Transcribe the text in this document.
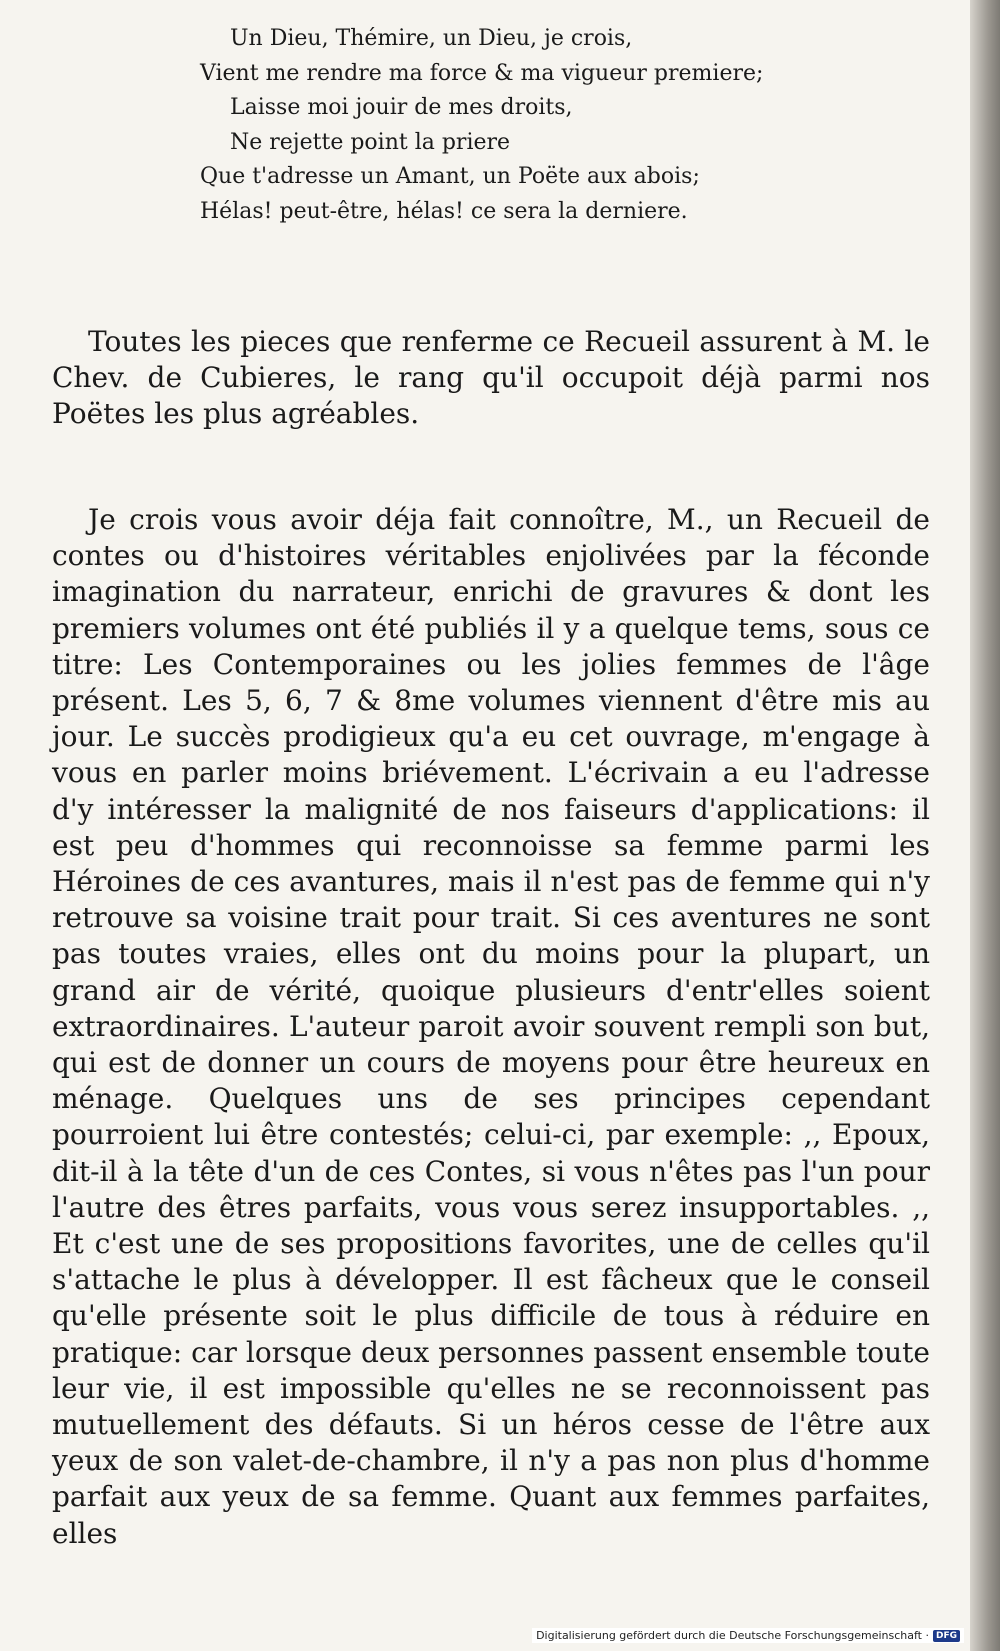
Un Dieu, Thémire, un Dieu, je crois,
Vient me rendre ma force & ma vigueur premiere;
Laisse moi jouir de mes droits,
Ne rejette point la priere
Que t'adresse un Amant, un Poëte aux abois;
Hélas! peut-être, hélas! ce sera la derniere.

Toutes les pieces que renferme ce Recueil assurent à M. le Chev. de Cubieres, le rang qu'il occupoit déjà parmi nos Poëtes les plus agréables.

Je crois vous avoir déja fait connoître, M., un Recueil de contes ou d'histoires véritables enjolivées par la féconde imagination du narrateur, enrichi de gravures & dont les premiers volumes ont été publiés il y a quelque tems, sous ce titre: Les Contemporaines ou les jolies femmes de l'âge présent. Les 5, 6, 7 & 8me volumes viennent d'être mis au jour. Le succès prodigieux qu'a eu cet ouvrage, m'engage à vous en parler moins briévement. L'écrivain a eu l'adresse d'y intéresser la malignité de nos faiseurs d'applications: il est peu d'hommes qui reconnoisse sa femme parmi les Héroines de ces avantures, mais il n'est pas de femme qui n'y retrouve sa voisine trait pour trait. Si ces aventures ne sont pas toutes vraies, elles ont du moins pour la plupart, un grand air de vérité, quoique plusieurs d'entr'elles soient extraordinaires. L'auteur paroit avoir souvent rempli son but, qui est de donner un cours de moyens pour être heureux en ménage. Quelques uns de ses principes cependant pourroient lui être contestés; celui-ci, par exemple: ,, Epoux, dit-il à la tête d'un de ces Contes, si vous n'êtes pas l'un pour l'autre des êtres parfaits, vous vous serez insupportables. ,, Et c'est une de ses propositions favorites, une de celles qu'il s'attache le plus à développer. Il est fâcheux que le conseil qu'elle présente soit le plus difficile de tous à réduire en pratique: car lorsque deux personnes passent ensemble toute leur vie, il est impossible qu'elles ne se reconnoissent pas mutuellement des défauts. Si un héros cesse de l'être aux yeux de son valet-de-chambre, il n'y a pas non plus d'homme parfait aux yeux de sa femme. Quant aux femmes parfaites, elles

Digitalisierung gefördert durch die Deutsche Forschungsgemeinschaft · DFG
